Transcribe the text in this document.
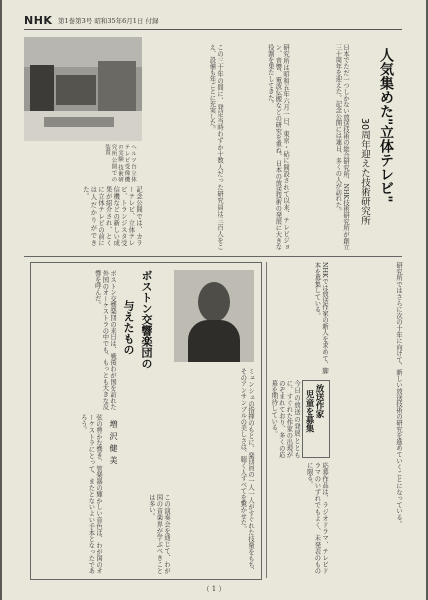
NHK 第1巻第3号 昭和35年6月1日 付録
ヘルツ台立体テレビ受像機の実験 技術研究所公開での装置	人気集めた"立体テレビ"
30周年迎えた技術研究所
日本でただ一つしかない放送技術の総合研究所、NHK技術研究所が創立三十周年を迎えた。記念公開には連日、多くの人が訪れた。
研究所は昭和五年六月一日、東京・砧に開設されて以来、テレビジョン、音響、電波伝搬などの研究を重ね、日本の放送技術の発展に大きな役割を果たしてきた。
この三十年の間に、発足当時わずか十数人だった研究員は三百人をこえ、設備も年ごとに充実した。
記念公開では、カラーテレビ、立体テレビ、トランジスタ受信機などの新しい成果が紹介され、とくに立体テレビの前には人だかりができた。
ボストン交響楽団の
与えたもの
増沢健美
ボストン交響楽団の来日は、戦後わが国を訪れた外国のオーケストラの中でも、もっとも大きな反響を呼んだ。
ミュンシュの指揮のもとに、楽団員の一人一人がすぐれた技量をもち、そのアンサンブルの美しさは、聴く人すべてを驚かせた。
弦の豊かな響き、管楽器の輝かしい音色は、わが国のオーケストラにとって、またとないよい手本となったであろう。
この演奏会を通じて、わが国の音楽界が学ぶべきことは多い。	研究所ではさらに次の十年に向けて、新しい放送技術の研究を進めていくことになっている。
放送作家
児童を募集
NHKでは放送作家の新人を求めて、脚本を募集している。
応募作品は、ラジオドラマ、テレビドラマのいずれでもよく、未発表のものに限る。
今日の放送の発展とともに、すぐれた作家の出現がのぞまれており、多くの応募を期待している。
（ 1 ）
